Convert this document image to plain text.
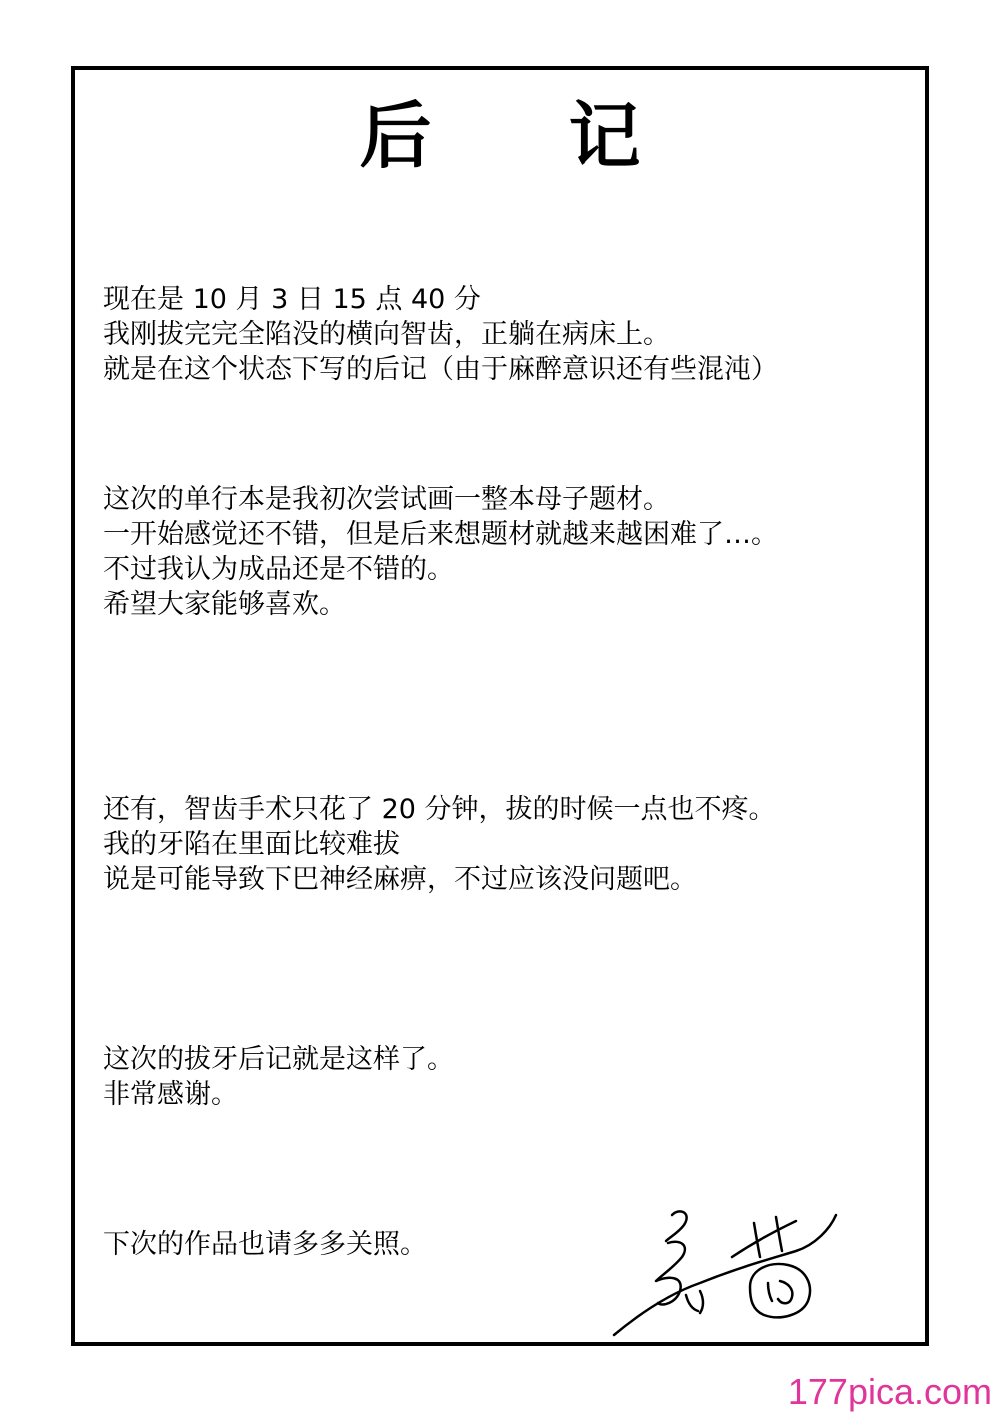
后 记
现在是 10 月 3 日 15 点 40 分
我刚拔完完全陷没的横向智齿，正躺在病床上。
就是在这个状态下写的后记（由于麻醉意识还有些混沌）
这次的单行本是我初次尝试画一整本母子题材。
一开始感觉还不错，但是后来想题材就越来越困难了…。
不过我认为成品还是不错的。
希望大家能够喜欢。
还有，智齿手术只花了 20 分钟，拔的时候一点也不疼。
我的牙陷在里面比较难拔
说是可能导致下巴神经麻痹，不过应该没问题吧。
这次的拔牙后记就是这样了。
非常感谢。
下次的作品也请多多关照。
177pica.com
